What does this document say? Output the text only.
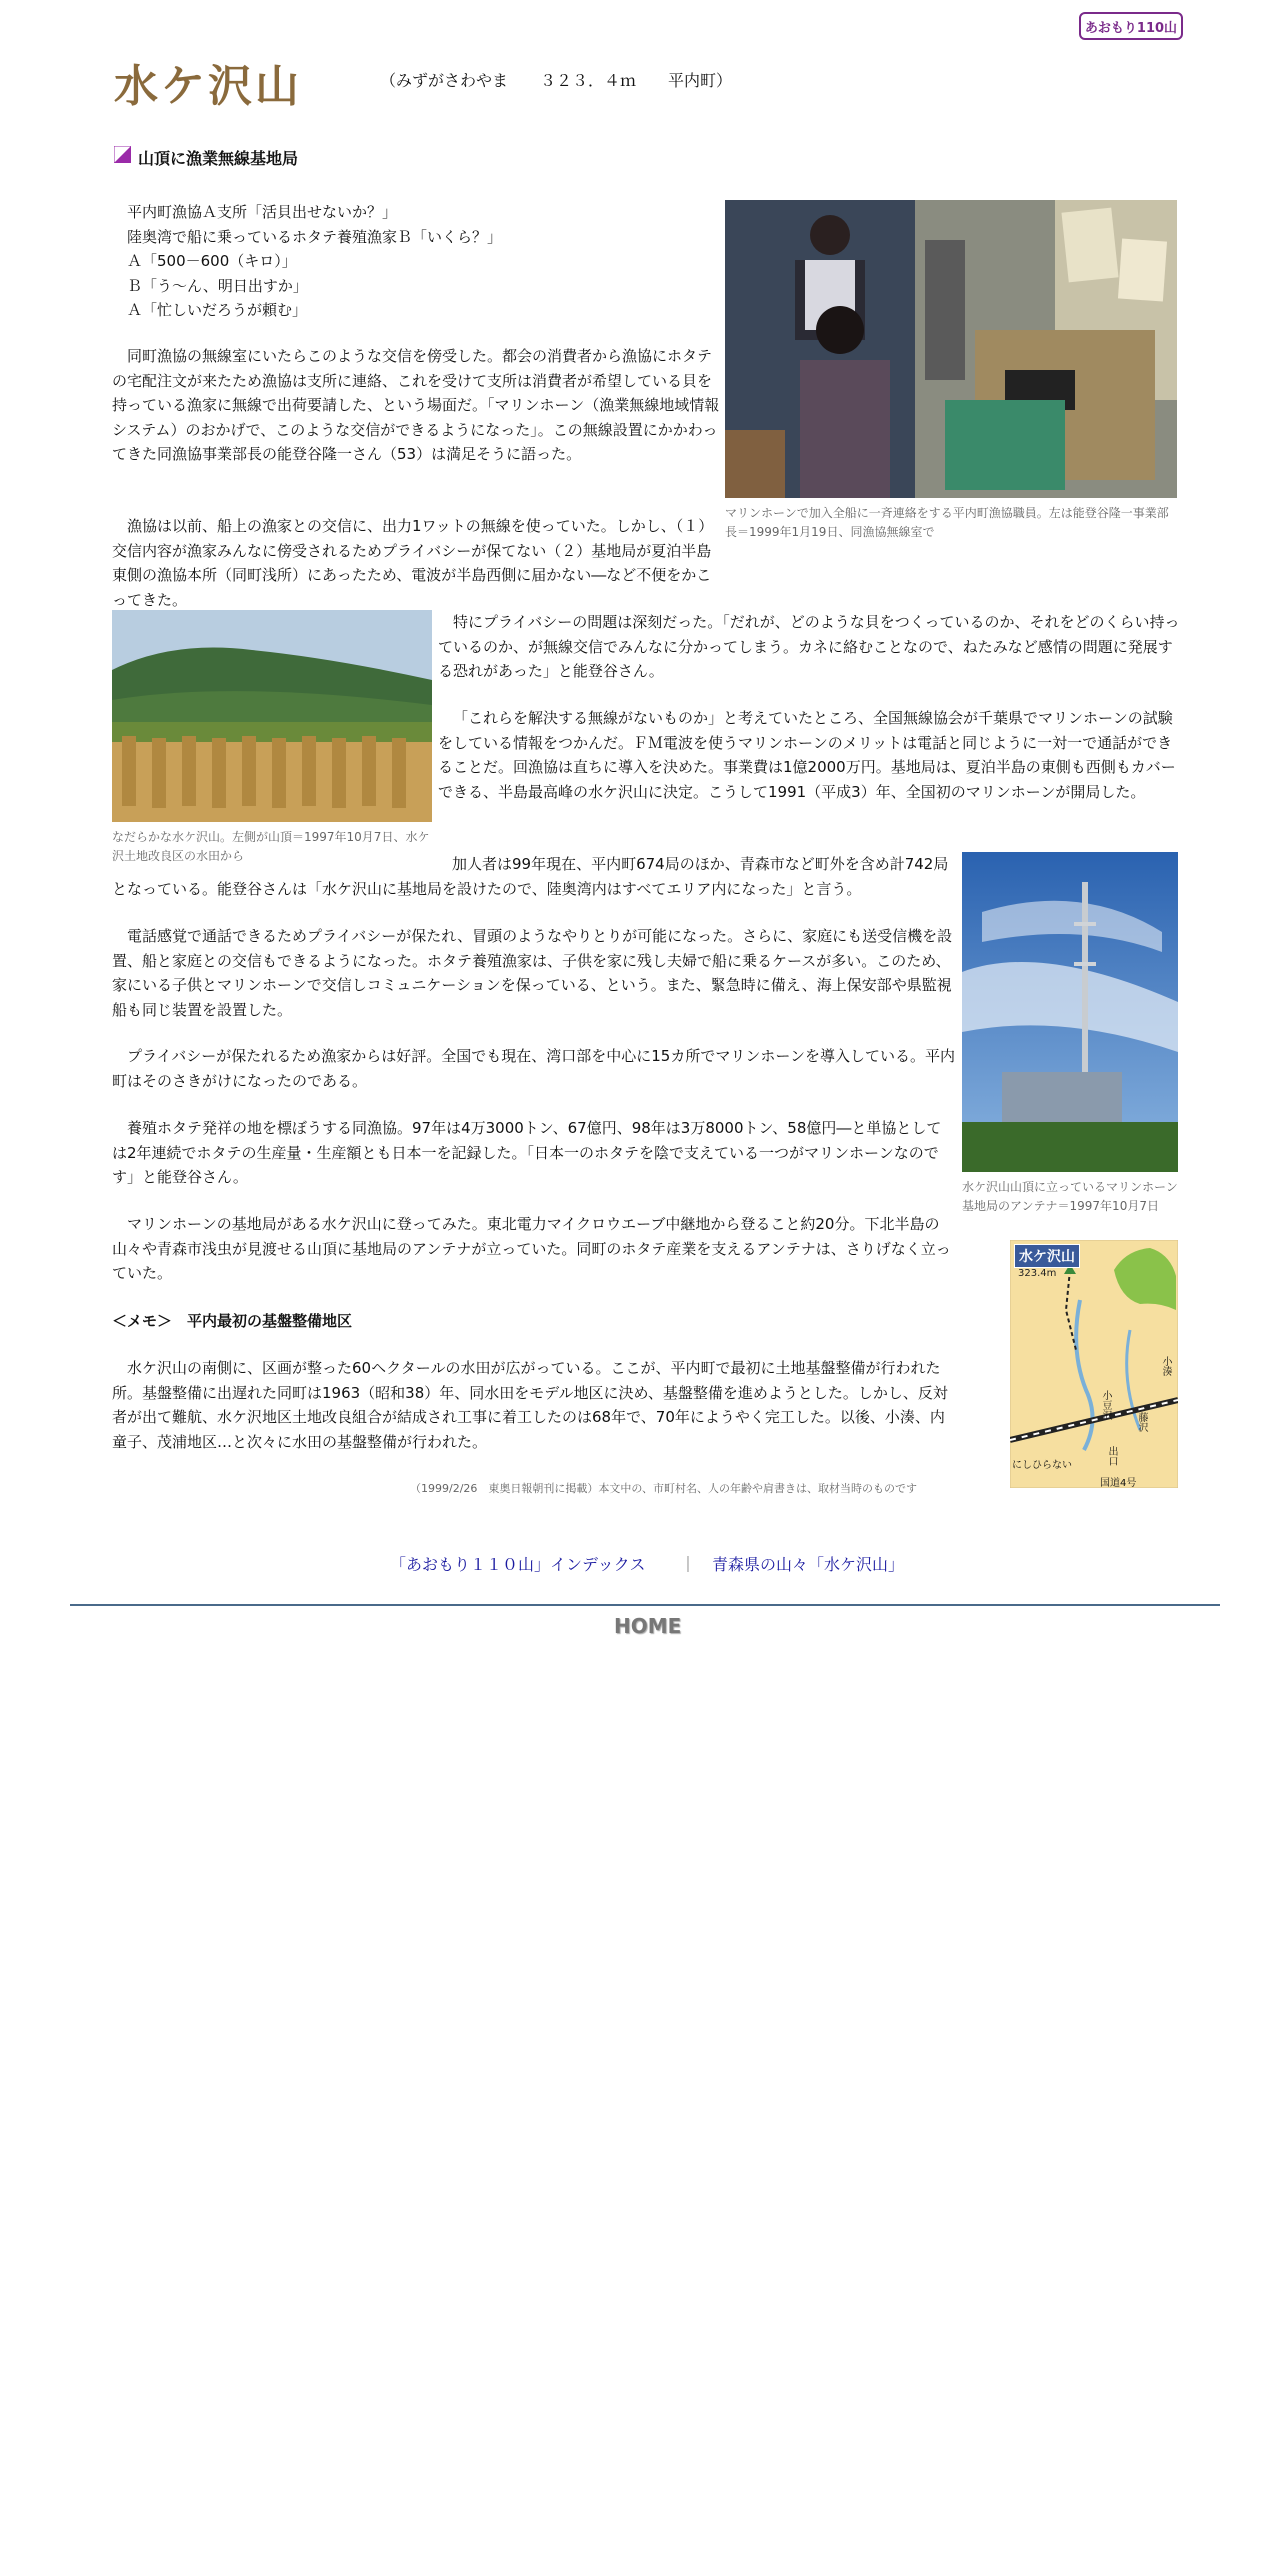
あおもり110山
水ケ沢山	（みずがさわやま　　３２３．４ｍ　　平内町）
山頂に漁業無線基地局
マリンホーンで加入全船に一斉連絡をする平内町漁協職員。左は能登谷隆一事業部長＝1999年1月19日、同漁協無線室で
平内町漁協Ａ支所「活貝出せないか？」
陸奥湾で船に乗っているホタテ養殖漁家Ｂ「いくら？」
Ａ「500－600（キロ）」
Ｂ「う～ん、明日出すか」
Ａ「忙しいだろうが頼む」

同町漁協の無線室にいたらこのような交信を傍受した。都会の消費者から漁協にホタテの宅配注文が来たため漁協は支所に連絡、これを受けて支所は消費者が希望している貝を持っている漁家に無線で出荷要請した、という場面だ。「マリンホーン（漁業無線地域情報システム）のおかげで、このような交信ができるようになった」。この無線設置にかかわってきた同漁協事業部長の能登谷隆一さん（53）は満足そうに語った。

漁協は以前、船上の漁家との交信に、出力1ワットの無線を使っていた。しかし、（１）交信内容が漁家みんなに傍受されるためプライバシーが保てない（２）基地局が夏泊半島東側の漁協本所（同町浅所）にあったため、電波が半島西側に届かない―など不便をかこってきた。

なだらかな水ケ沢山。左側が山頂＝1997年10月7日、水ケ沢土地改良区の水田から

特にプライバシーの問題は深刻だった。「だれが、どのような貝をつくっているのか、それをどのくらい持っているのか、が無線交信でみんなに分かってしまう。カネに絡むことなので、ねたみなど感情の問題に発展する恐れがあった」と能登谷さん。

「これらを解決する無線がないものか」と考えていたところ、全国無線協会が千葉県でマリンホーンの試験をしている情報をつかんだ。ＦＭ電波を使うマリンホーンのメリットは電話と同じように一対一で通話ができることだ。回漁協は直ちに導入を決めた。事業費は1億2000万円。基地局は、夏泊半島の東側も西側もカバーできる、半島最高峰の水ケ沢山に決定。こうして1991（平成3）年、全国初のマリンホーンが開局した。

水ケ沢山山頂に立っているマリンホーン基地局のアンテナ＝1997年10月7日

加人者は99年現在、平内町674局のほか、青森市など町外を含め計742局となっている。能登谷さんは「水ケ沢山に基地局を設けたので、陸奥湾内はすべてエリア内になった」と言う。

電話感覚で通話できるためプライバシーが保たれ、冒頭のようなやりとりが可能になった。さらに、家庭にも送受信機を設置、船と家庭との交信もできるようになった。ホタテ養殖漁家は、子供を家に残し夫婦で船に乗るケースが多い。このため、家にいる子供とマリンホーンで交信しコミュニケーションを保っている、という。また、緊急時に備え、海上保安部や県監視船も同じ装置を設置した。

プライバシーが保たれるため漁家からは好評。全国でも現在、湾口部を中心に15カ所でマリンホーンを導入している。平内町はそのさきがけになったのである。

養殖ホタテ発祥の地を標ぼうする同漁協。97年は4万3000トン、67億円、98年は3万8000トン、58億円―と単協としては2年連続でホタテの生産量・生産額とも日本一を記録した。「日本一のホタテを陰で支えている一つがマリンホーンなのです」と能登谷さん。

マリンホーンの基地局がある水ケ沢山に登ってみた。東北電力マイクロウエーブ中継地から登ること約20分。下北半島の山々や青森市浅虫が見渡せる山頂に基地局のアンテナが立っていた。同町のホタテ産業を支えるアンテナは、さりげなく立っていた。

＜メモ＞　平内最初の基盤整備地区

水ケ沢山の南側に、区画が整った60ヘクタールの水田が広がっている。ここが、平内町で最初に土地基盤整備が行われた所。基盤整備に出遅れた同町は1963（昭和38）年、同水田をモデル地区に決め、基盤整備を進めようとした。しかし、反対者が出て難航、水ケ沢地区土地改良組合が結成され工事に着工したのは68年で、70年にようやく完工した。以後、小湊、内童子、茂浦地区…と次々に水田の基盤整備が行われた。

水ケ沢山
323.4m
小湊
小豆沢
藤沢
出口
にしひらない
国道4号
（1999/2/26　東奥日報朝刊に掲載）本文中の、市町村名、人の年齢や肩書きは、取材当時のものです
「あおもり１１０山」インデックス ｜ 青森県の山々「水ケ沢山」
HOME
